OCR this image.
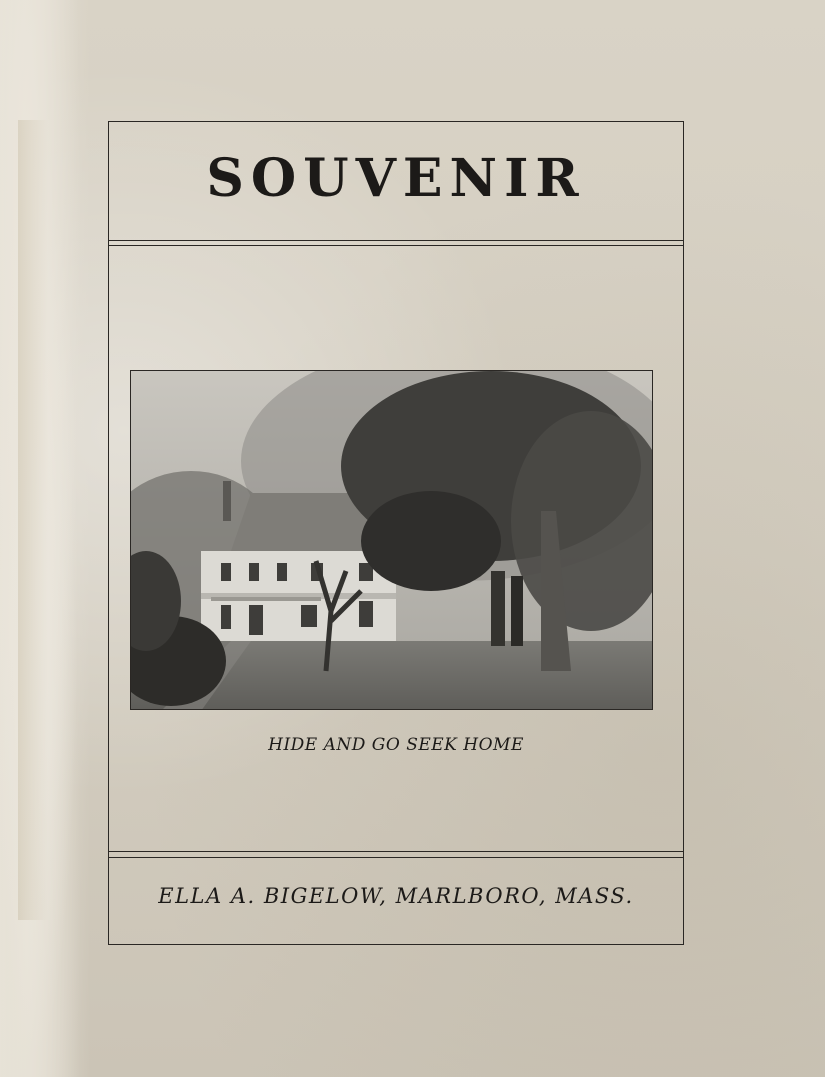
SOUVENIR
HIDE AND GO SEEK HOME
ELLA A. BIGELOW, MARLBORO, MASS.
